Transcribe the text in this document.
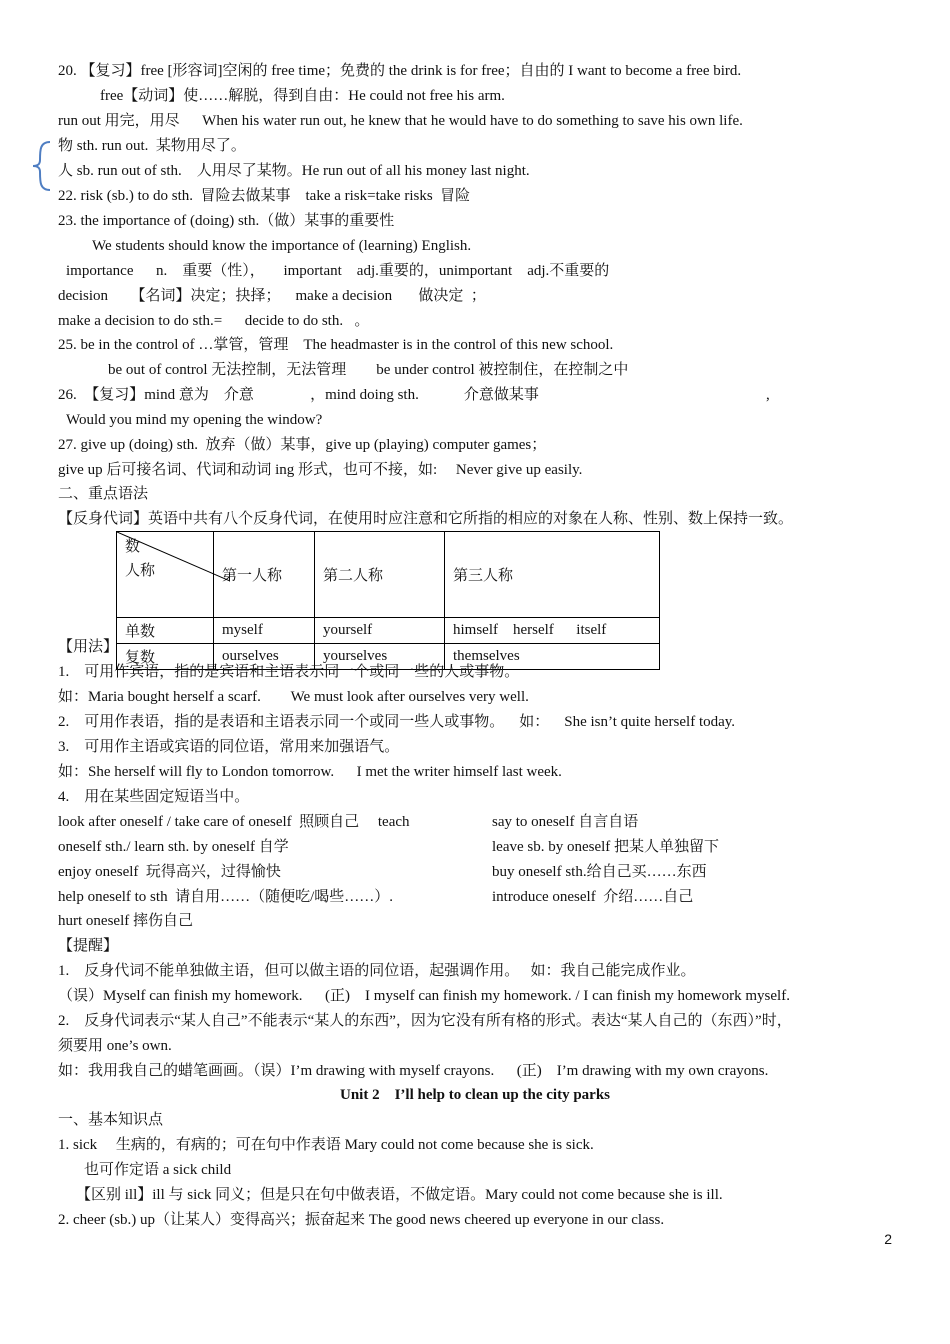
20. 【复习】free [形容词]空闲的 free time；免费的 the drink is for free；自由的 I want to become a free bird.
free【动词】使……解脱，得到自由：He could not free his arm.
run out 用完，用尽      When his water run out, he knew that he would have to do something to save his own life.
物 sth. run out.  某物用尽了。
人 sb. run out of sth.    人用尽了某物。He run out of all his money last night.
22. risk (sb.) to do sth.  冒险去做某事    take a risk=take risks  冒险
23. the importance of (doing) sth.（做）某事的重要性
We students should know the importance of (learning) English.
importance      n.    重要（性），     important    adj.重要的，unimportant    adj.不重要的
decision      【名词】决定；抉择；    make a decision       做决定  ；
make a decision to do sth.=      decide to do sth.   。
25. be in the control of …掌管，管理    The headmaster is in the control of this new school.
be out of control 无法控制，无法管理        be under control 被控制住，在控制之中
26.  【复习】mind 意为    介意               ，mind doing sth.            介意做某事	,
Would you mind my opening the window?
27. give up (doing) sth.  放弃（做）某事，give up (playing) computer games；
give up 后可接名词、代词和动词 ing 形式，也可不接，如:     Never give up easily.
二、重点语法
【反身代词】英语中共有八个反身代词，在使用时应注意和它所指的相应的对象在人称、性别、数上保持一致。

数

人称	第一人称	第二人称	第三人称
单数	myself	yourself	himself    herself      itself
复数	ourselves	yourselves	themselves
【用法】
1.    可用作宾语，指的是宾语和主语表示同一个或同一些的人或事物。
如：Maria bought herself a scarf.        We must look after ourselves very well.
2.    可用作表语，指的是表语和主语表示同一个或同一些人或事物。    如：    She isn’t quite herself today.
3.    可用作主语或宾语的同位语，常用来加强语气。
如：She herself will fly to London tomorrow.      I met the writer himself last week.
4.    用在某些固定短语当中。
look after oneself / take care of oneself  照顾自己     teach	say to oneself 自言自语
oneself sth./ learn sth. by oneself 自学	leave sb. by oneself 把某人单独留下
enjoy oneself  玩得高兴，过得愉快	buy oneself sth.给自己买……东西
help oneself to sth  请自用……（随便吃/喝些……）.	introduce oneself  介绍……自己
hurt oneself 摔伤自己
【提醒】
1.    反身代词不能单独做主语，但可以做主语的同位语，起强调作用。   如：我自己能完成作业。
（误）Myself can finish my homework.      (正)    I myself can finish my homework. / I can finish my homework myself.
2.    反身代词表示“某人自己”不能表示“某人的东西”，因为它没有所有格的形式。表达“某人自己的（东西）”时，
须要用 one’s own.
如：我用我自己的蜡笔画画。（误）I’m drawing with myself crayons.      (正)    I’m drawing with my own crayons.
Unit 2    I’ll help to clean up the city parks
一、基本知识点
1. sick     生病的，有病的；可在句中作表语 Mary could not come because she is sick.
也可作定语 a sick child
【区别 ill】ill 与 sick 同义；但是只在句中做表语，不做定语。Mary could not come because she is ill.
2. cheer (sb.) up（让某人）变得高兴；振奋起来 The good news cheered up everyone in our class.
2
